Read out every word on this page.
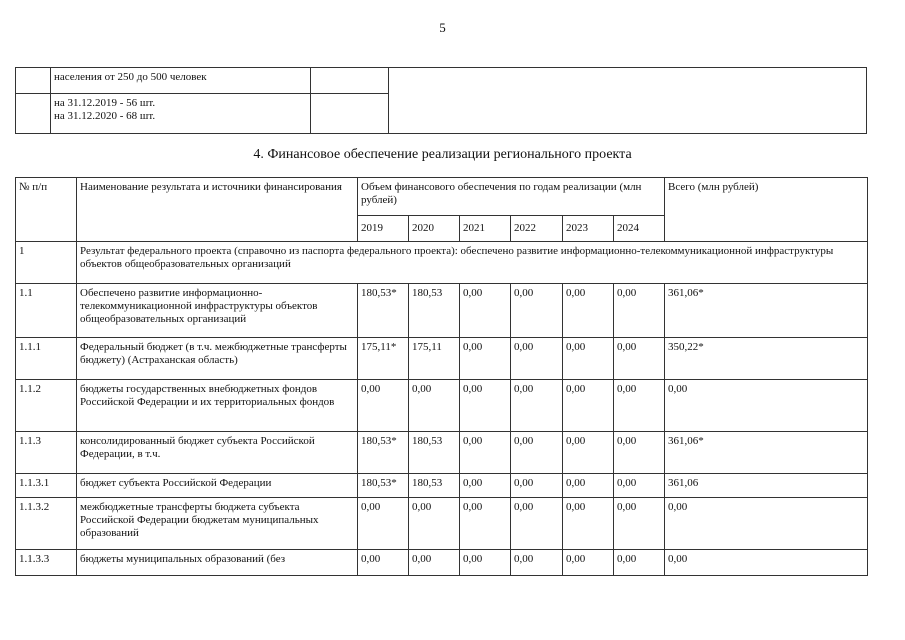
5
	населения от 250 до 500 человек		

	на 31.12.2019 - 56 шт.
на 31.12.2020 - 68 шт.		

4. Финансовое обеспечение реализации регионального проекта
№ п/п	Наименование результата и источники финансирования	Объем финансового обеспечения по годам реализации (млн рублей)						Всего (млн рублей)
		2019	2020	2021	2022	2023	2024	
1	Результат федерального проекта (справочно из паспорта федерального проекта): обеспечено развитие информационно-телекоммуникационной инфраструктуры объектов общеобразовательных организаций							
1.1	Обеспечено развитие информационно-телекоммуникационной инфраструктуры объектов общеобразовательных организаций	180,53*	180,53	0,00	0,00	0,00	0,00	361,06*
1.1.1	Федеральный бюджет (в т.ч. межбюджетные трансферты бюджету) (Астраханская область)	175,11*	175,11	0,00	0,00	0,00	0,00	350,22*
1.1.2	бюджеты государственных внебюджетных фондов Российской Федерации и их территориальных фондов	0,00	0,00	0,00	0,00	0,00	0,00	0,00
1.1.3	консолидированный бюджет субъекта Российской Федерации, в т.ч.	180,53*	180,53	0,00	0,00	0,00	0,00	361,06*
1.1.3.1	бюджет субъекта Российской Федерации	180,53*	180,53	0,00	0,00	0,00	0,00	361,06
1.1.3.2	межбюджетные трансферты бюджета субъекта Российской Федерации бюджетам муниципальных образований	0,00	0,00	0,00	0,00	0,00	0,00	0,00
1.1.3.3	бюджеты муниципальных образований (без	0,00	0,00	0,00	0,00	0,00	0,00	0,00
